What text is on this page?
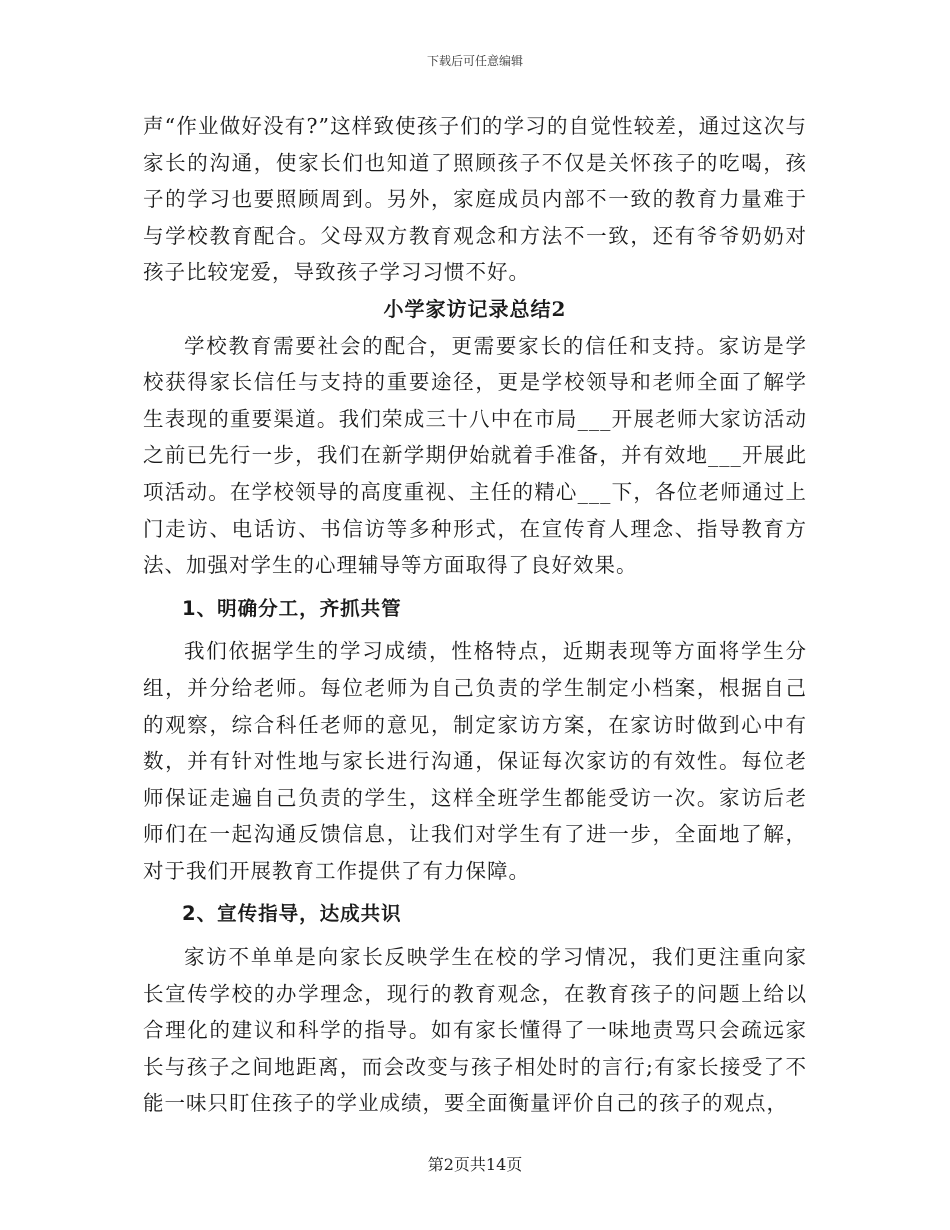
下载后可任意编辑

声“作业做好没有?”这样致使孩子们的学习的自觉性较差，通过这次与家长的沟通，使家长们也知道了照顾孩子不仅是关怀孩子的吃喝，孩子的学习也要照顾周到。另外，家庭成员内部不一致的教育力量难于与学校教育配合。父母双方教育观念和方法不一致，还有爷爷奶奶对孩子比较宠爱，导致孩子学习习惯不好。

小学家访记录总结2

学校教育需要社会的配合，更需要家长的信任和支持。家访是学校获得家长信任与支持的重要途径，更是学校领导和老师全面了解学生表现的重要渠道。我们荣成三十八中在市局___开展老师大家访活动之前已先行一步，我们在新学期伊始就着手准备，并有效地___开展此项活动。在学校领导的高度重视、主任的精心___下，各位老师通过上门走访、电话访、书信访等多种形式，在宣传育人理念、指导教育方法、加强对学生的心理辅导等方面取得了良好效果。

1、明确分工，齐抓共管

我们依据学生的学习成绩，性格特点，近期表现等方面将学生分组，并分给老师。每位老师为自己负责的学生制定小档案，根据自己的观察，综合科任老师的意见，制定家访方案，在家访时做到心中有数，并有针对性地与家长进行沟通，保证每次家访的有效性。每位老师保证走遍自己负责的学生，这样全班学生都能受访一次。家访后老师们在一起沟通反馈信息，让我们对学生有了进一步，全面地了解，对于我们开展教育工作提供了有力保障。

2、宣传指导，达成共识

家访不单单是向家长反映学生在校的学习情况，我们更注重向家长宣传学校的办学理念，现行的教育观念，在教育孩子的问题上给以合理化的建议和科学的指导。如有家长懂得了一味地责骂只会疏远家长与孩子之间地距离，而会改变与孩子相处时的言行;有家长接受了不能一味只盯住孩子的学业成绩，要全面衡量评价自己的孩子的观点，

第2页共14页
